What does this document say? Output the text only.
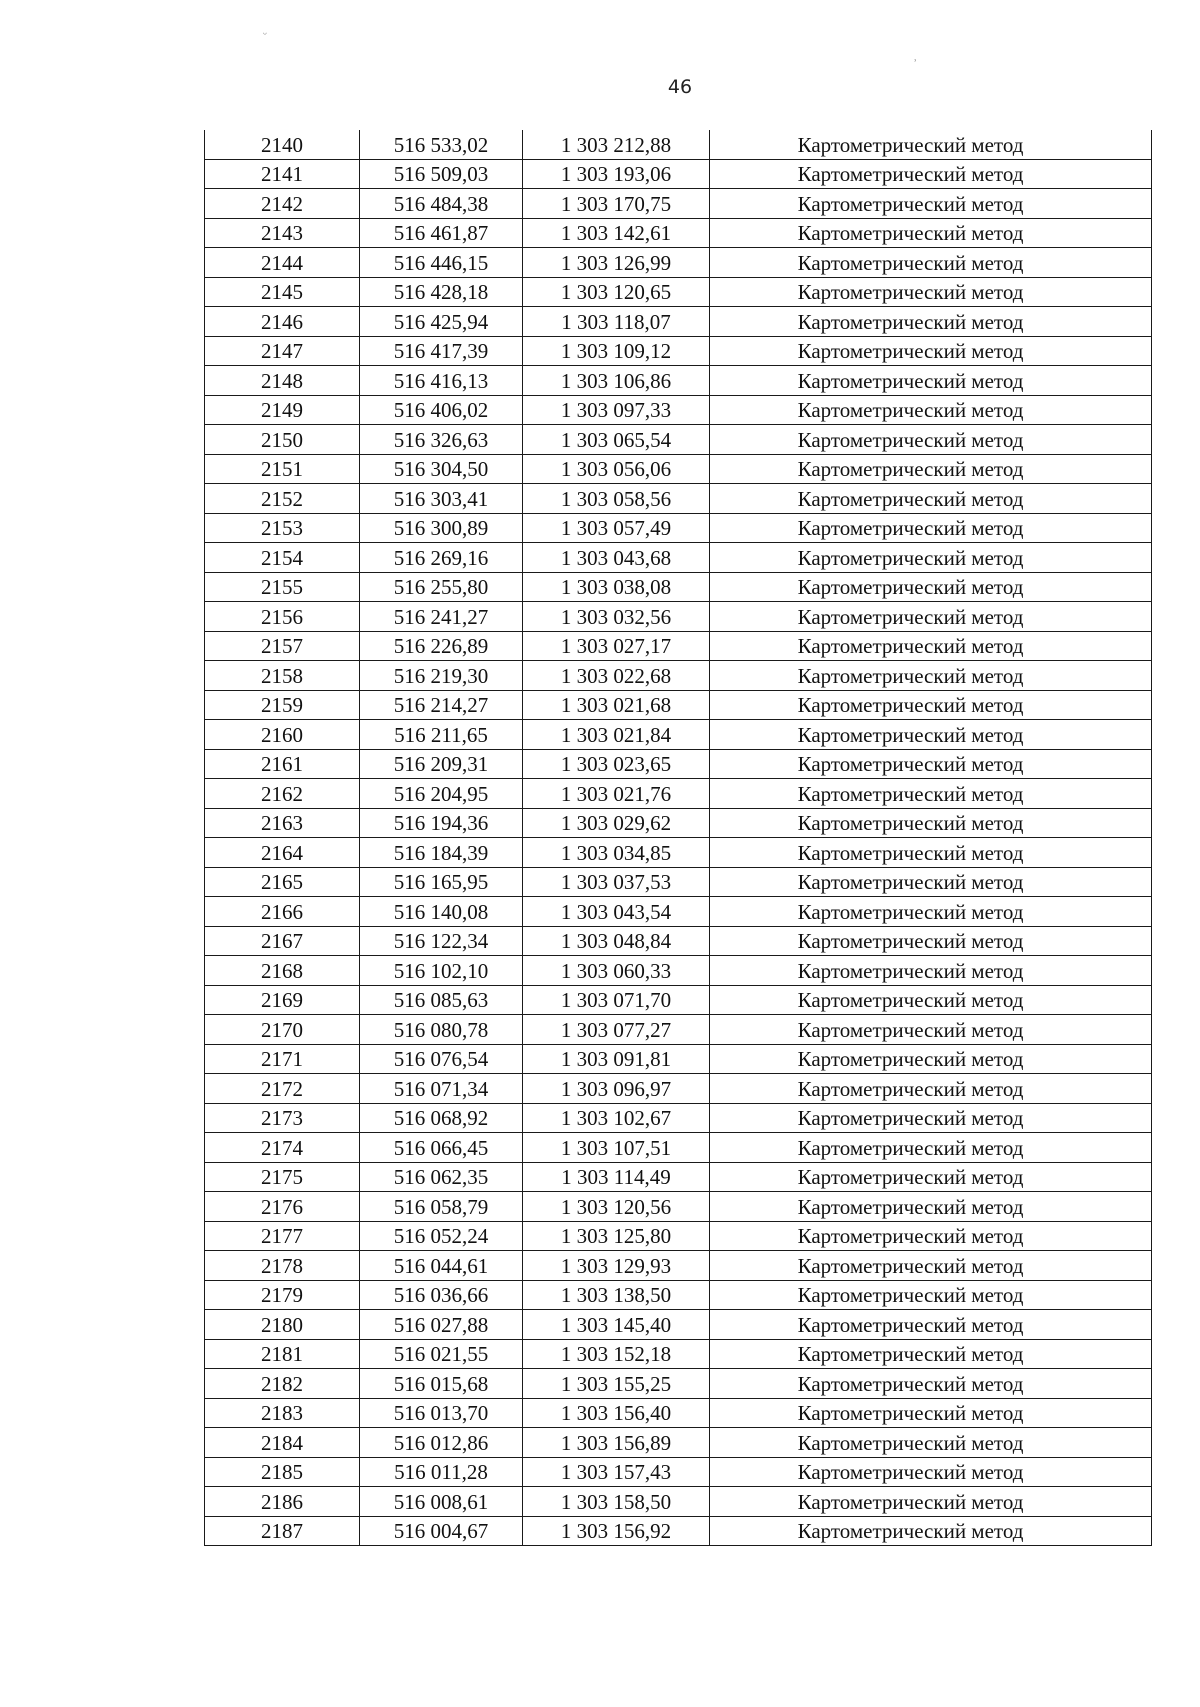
ᵕ
˒
46
2140	516 533,02	1 303 212,88	Картометрический метод
2141	516 509,03	1 303 193,06	Картометрический метод
2142	516 484,38	1 303 170,75	Картометрический метод
2143	516 461,87	1 303 142,61	Картометрический метод
2144	516 446,15	1 303 126,99	Картометрический метод
2145	516 428,18	1 303 120,65	Картометрический метод
2146	516 425,94	1 303 118,07	Картометрический метод
2147	516 417,39	1 303 109,12	Картометрический метод
2148	516 416,13	1 303 106,86	Картометрический метод
2149	516 406,02	1 303 097,33	Картометрический метод
2150	516 326,63	1 303 065,54	Картометрический метод
2151	516 304,50	1 303 056,06	Картометрический метод
2152	516 303,41	1 303 058,56	Картометрический метод
2153	516 300,89	1 303 057,49	Картометрический метод
2154	516 269,16	1 303 043,68	Картометрический метод
2155	516 255,80	1 303 038,08	Картометрический метод
2156	516 241,27	1 303 032,56	Картометрический метод
2157	516 226,89	1 303 027,17	Картометрический метод
2158	516 219,30	1 303 022,68	Картометрический метод
2159	516 214,27	1 303 021,68	Картометрический метод
2160	516 211,65	1 303 021,84	Картометрический метод
2161	516 209,31	1 303 023,65	Картометрический метод
2162	516 204,95	1 303 021,76	Картометрический метод
2163	516 194,36	1 303 029,62	Картометрический метод
2164	516 184,39	1 303 034,85	Картометрический метод
2165	516 165,95	1 303 037,53	Картометрический метод
2166	516 140,08	1 303 043,54	Картометрический метод
2167	516 122,34	1 303 048,84	Картометрический метод
2168	516 102,10	1 303 060,33	Картометрический метод
2169	516 085,63	1 303 071,70	Картометрический метод
2170	516 080,78	1 303 077,27	Картометрический метод
2171	516 076,54	1 303 091,81	Картометрический метод
2172	516 071,34	1 303 096,97	Картометрический метод
2173	516 068,92	1 303 102,67	Картометрический метод
2174	516 066,45	1 303 107,51	Картометрический метод
2175	516 062,35	1 303 114,49	Картометрический метод
2176	516 058,79	1 303 120,56	Картометрический метод
2177	516 052,24	1 303 125,80	Картометрический метод
2178	516 044,61	1 303 129,93	Картометрический метод
2179	516 036,66	1 303 138,50	Картометрический метод
2180	516 027,88	1 303 145,40	Картометрический метод
2181	516 021,55	1 303 152,18	Картометрический метод
2182	516 015,68	1 303 155,25	Картометрический метод
2183	516 013,70	1 303 156,40	Картометрический метод
2184	516 012,86	1 303 156,89	Картометрический метод
2185	516 011,28	1 303 157,43	Картометрический метод
2186	516 008,61	1 303 158,50	Картометрический метод
2187	516 004,67	1 303 156,92	Картометрический метод
